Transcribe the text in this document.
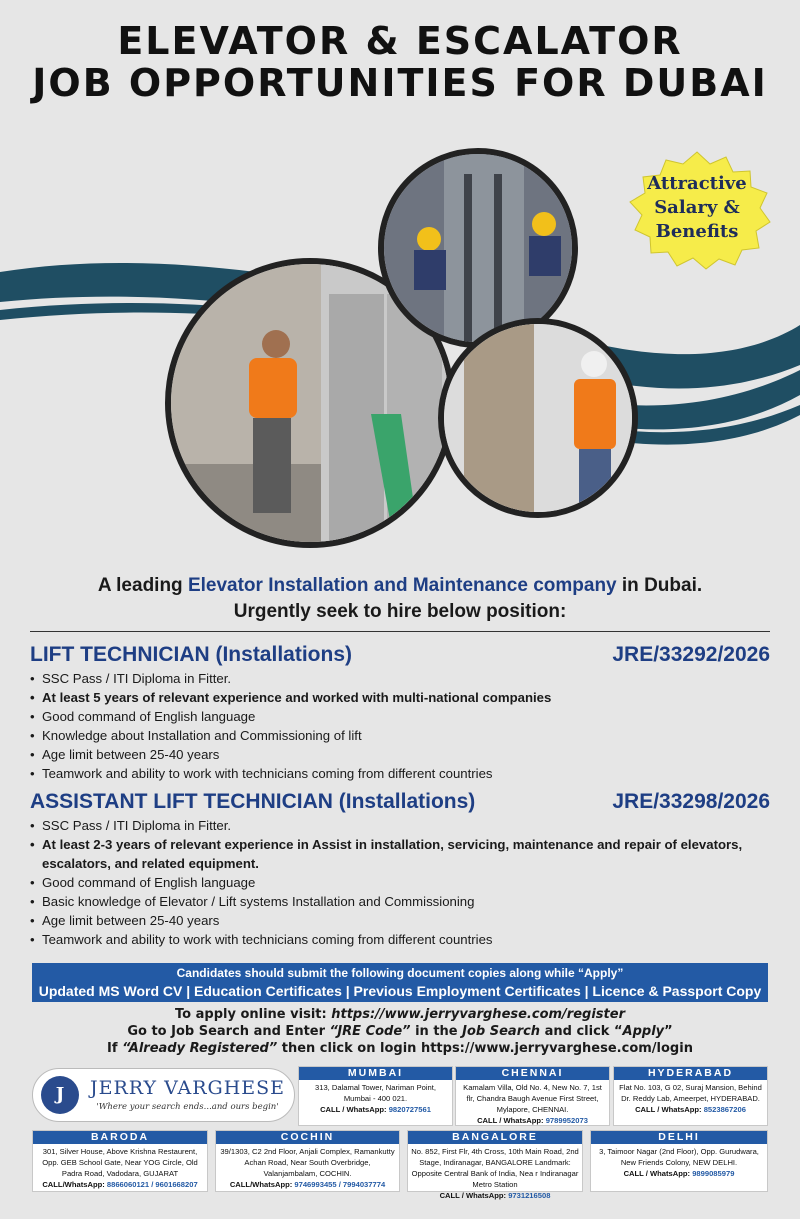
ELEVATOR & ESCALATOR
JOB OPPORTUNITIES FOR DUBAI
Attractive
Salary &
Benefits
A leading Elevator Installation and Maintenance company in Dubai.
Urgently seek to hire below position:
LIFT TECHNICIAN (Installations)	JRE/33292/2026
• SSC Pass / ITI Diploma in Fitter.
• At least 5 years of relevant experience and worked with multi-national companies
• Good command of English language
• Knowledge about Installation and Commissioning of lift
• Age limit between 25-40 years
• Teamwork and ability to work with technicians coming from different countries
ASSISTANT LIFT TECHNICIAN (Installations)	JRE/33298/2026
• SSC Pass / ITI Diploma in Fitter.
• At least 2-3 years of relevant experience in Assist in installation, servicing, maintenance and repair of elevators, escalators, and related equipment.
• Good command of English language
• Basic knowledge of Elevator / Lift systems Installation and Commissioning
• Age limit between 25-40 years
• Teamwork and ability to work with technicians coming from different countries
Candidates should submit the following document copies along while “Apply”
Updated MS Word CV | Education Certificates | Previous Employment Certificates | Licence & Passport Copy
To apply online visit: https://www.jerryvarghese.com/register
Go to Job Search and Enter “JRE Code” in the Job Search and click “Apply”
If “Already Registered” then click on login https://www.jerryvarghese.com/login
J	JERRY VARGHESE
'Where your search ends...and ours begin'
MUMBAI
313, Dalamal Tower, Nariman Point, Mumbai - 400 021.
CALL / WhatsApp: 9820727561
CHENNAI
Kamalam Villa, Old No. 4, New No. 7, 1st flr, Chandra Baugh Avenue First Street, Mylapore, CHENNAI.
CALL / WhatsApp: 9789952073
HYDERABAD
Flat No. 103, G 02, Suraj Mansion, Behind Dr. Reddy Lab, Ameerpet, HYDERABAD.
CALL / WhatsApp: 8523867206
BARODA
301, Silver House, Above Krishna Restaurent, Opp. GEB School Gate, Near YOG Circle, Old Padra Road, Vadodara, GUJARAT
CALL/WhatsApp: 8866060121 / 9601668207
COCHIN
39/1303, C2 2nd Floor, Anjali Complex, Ramankutty Achan Road, Near South Overbridge, Valanjambalam, COCHIN.
CALL/WhatsApp: 9746993455 / 7994037774
BANGALORE
No. 852, First Flr, 4th Cross, 10th Main Road, 2nd Stage, Indiranagar, BANGALORE Landmark: Opposite Central Bank of India, Nea r Indiranagar Metro Station
CALL / WhatsApp: 9731216508
DELHI
3, Taimoor Nagar (2nd Floor), Opp. Gurudwara, New Friends Colony, NEW DELHI.
CALL / WhatsApp: 9899085979
